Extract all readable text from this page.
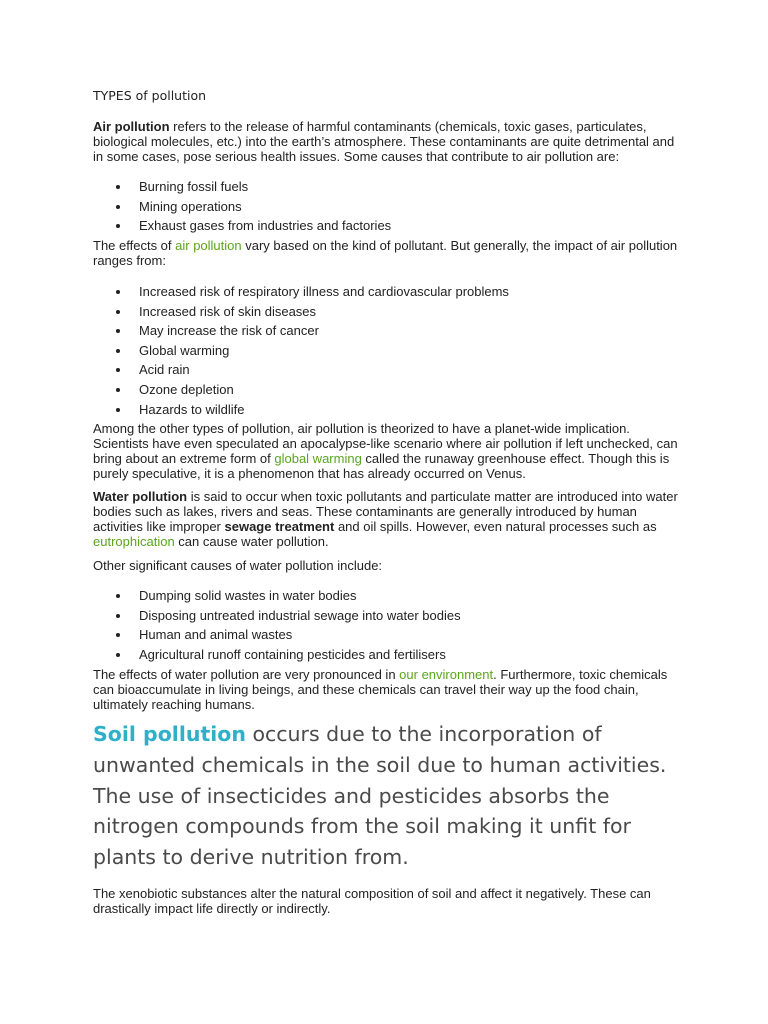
TYPES of pollution
Air pollution refers to the release of harmful contaminants (chemicals, toxic gases, particulates, biological molecules, etc.) into the earth’s atmosphere. These contaminants are quite detrimental and in some cases, pose serious health issues. Some causes that contribute to air pollution are:
Burning fossil fuels
Mining operations
Exhaust gases from industries and factories
The effects of air pollution vary based on the kind of pollutant. But generally, the impact of air pollution ranges from:
Increased risk of respiratory illness and cardiovascular problems
Increased risk of skin diseases
May increase the risk of cancer
Global warming
Acid rain
Ozone depletion
Hazards to wildlife
Among the other types of pollution, air pollution is theorized to have a planet-wide implication. Scientists have even speculated an apocalypse-like scenario where air pollution if left unchecked, can bring about an extreme form of global warming called the runaway greenhouse effect. Though this is purely speculative, it is a phenomenon that has already occurred on Venus.
Water pollution is said to occur when toxic pollutants and particulate matter are introduced into water bodies such as lakes, rivers and seas. These contaminants are generally introduced by human activities like improper sewage treatment and oil spills. However, even natural processes such as eutrophication can cause water pollution.
Other significant causes of water pollution include:
Dumping solid wastes in water bodies
Disposing untreated industrial sewage into water bodies
Human and animal wastes
Agricultural runoff containing pesticides and fertilisers
The effects of water pollution are very pronounced in our environment. Furthermore, toxic chemicals can bioaccumulate in living beings, and these chemicals can travel their way up the food chain, ultimately reaching humans.
Soil pollution occurs due to the incorporation of unwanted chemicals in the soil due to human activities. The use of insecticides and pesticides absorbs the nitrogen compounds from the soil making it unfit for plants to derive nutrition from.
The xenobiotic substances alter the natural composition of soil and affect it negatively. These can drastically impact life directly or indirectly.
